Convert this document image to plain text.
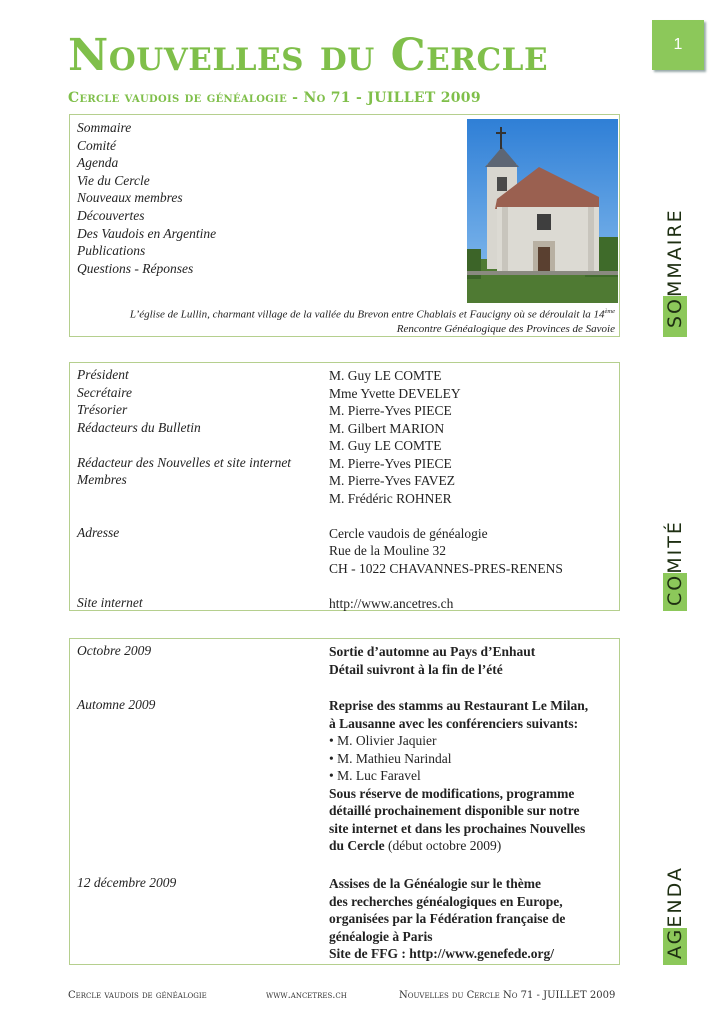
Nouvelles du Cercle
Cercle vaudois de généalogie - No 71 - JUILLET 2009
1
Sommaire
Comité
Agenda
Vie du Cercle
Nouveaux membres
Découvertes
Des Vaudois en Argentine
Publications
Questions - Réponses
L’église de Lullin, charmant village de la vallée du Brevon entre Chablais et Faucigny où se déroulait la 14ème
Rencontre Généalogique des Provinces de Savoie
Président	M. Guy LE COMTE
Secrétaire	Mme Yvette DEVELEY
Trésorier	M. Pierre-Yves PIECE
Rédacteurs du Bulletin	M. Gilbert MARION
M. Guy LE COMTE
Rédacteur des Nouvelles et site internet	M. Pierre-Yves PIECE
Membres	M. Pierre-Yves FAVEZ
M. Frédéric ROHNER
Adresse	Cercle vaudois de généalogie
Rue de la Mouline 32
CH - 1022 CHAVANNES-PRES-RENENS
Site internet	http://www.ancetres.ch
Octobre 2009	Sortie d’automne au Pays d’Enhaut
Détail suivront à la fin de l’été
Automne 2009	Reprise des stamms au Restaurant Le Milan,
à Lausanne avec les conférenciers suivants:
• M. Olivier Jaquier
• M. Mathieu Narindal
• M. Luc Faravel
Sous réserve de modifications, programme
détaillé prochainement disponible sur notre
site internet et dans les prochaines Nouvelles
du Cercle (début octobre 2009)
12 décembre 2009	Assises de la Généalogie sur le thème
des recherches généalogiques en Europe,
organisées par la Fédération française de
généalogie à Paris
Site de FFG : http://www.genefede.org/
SOMMAIRE
COMITÉ
AGENDA
Cercle vaudois de généalogie	www.ancetres.ch	Nouvelles du Cercle No 71 - JUILLET 2009
